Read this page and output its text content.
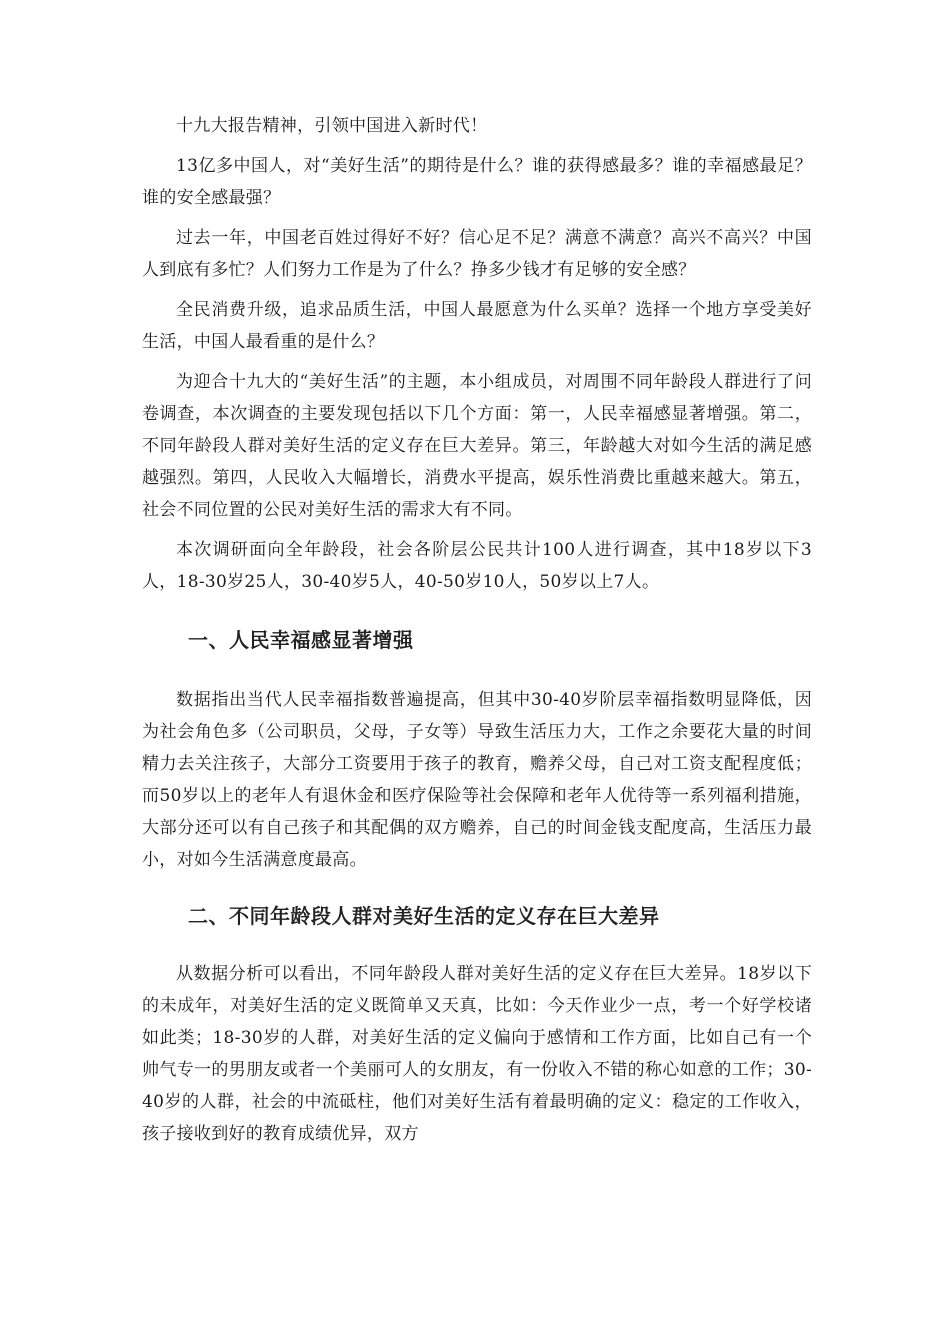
十九大报告精神，引领中国进入新时代！

13亿多中国人，对“美好生活”的期待是什么？谁的获得感最多？谁的幸福感最足？谁的安全感最强？

过去一年，中国老百姓过得好不好？信心足不足？满意不满意？高兴不高兴？中国人到底有多忙？人们努力工作是为了什么？挣多少钱才有足够的安全感？

全民消费升级，追求品质生活，中国人最愿意为什么买单？选择一个地方享受美好生活，中国人最看重的是什么？

为迎合十九大的“美好生活”的主题，本小组成员，对周围不同年龄段人群进行了问卷调查，本次调查的主要发现包括以下几个方面：第一，人民幸福感显著增强。第二，不同年龄段人群对美好生活的定义存在巨大差异。第三，年龄越大对如今生活的满足感越强烈。第四，人民收入大幅增长，消费水平提高，娱乐性消费比重越来越大。第五，社会不同位置的公民对美好生活的需求大有不同。

本次调研面向全年龄段，社会各阶层公民共计100人进行调查，其中18岁以下3人，18-30岁25人，30-40岁5人，40-50岁10人，50岁以上7人。

一、人民幸福感显著增强

数据指出当代人民幸福指数普遍提高，但其中30-40岁阶层幸福指数明显降低，因为社会角色多（公司职员，父母，子女等）导致生活压力大，工作之余要花大量的时间精力去关注孩子，大部分工资要用于孩子的教育，赡养父母，自己对工资支配程度低；而50岁以上的老年人有退休金和医疗保险等社会保障和老年人优待等一系列福利措施，大部分还可以有自己孩子和其配偶的双方赡养，自己的时间金钱支配度高，生活压力最小，对如今生活满意度最高。

二、不同年龄段人群对美好生活的定义存在巨大差异

从数据分析可以看出，不同年龄段人群对美好生活的定义存在巨大差异。18岁以下的未成年，对美好生活的定义既简单又天真，比如：今天作业少一点，考一个好学校诸如此类；18-30岁的人群，对美好生活的定义偏向于感情和工作方面，比如自己有一个帅气专一的男朋友或者一个美丽可人的女朋友，有一份收入不错的称心如意的工作；30-40岁的人群，社会的中流砥柱，他们对美好生活有着最明确的定义：稳定的工作收入，孩子接收到好的教育成绩优异，双方
